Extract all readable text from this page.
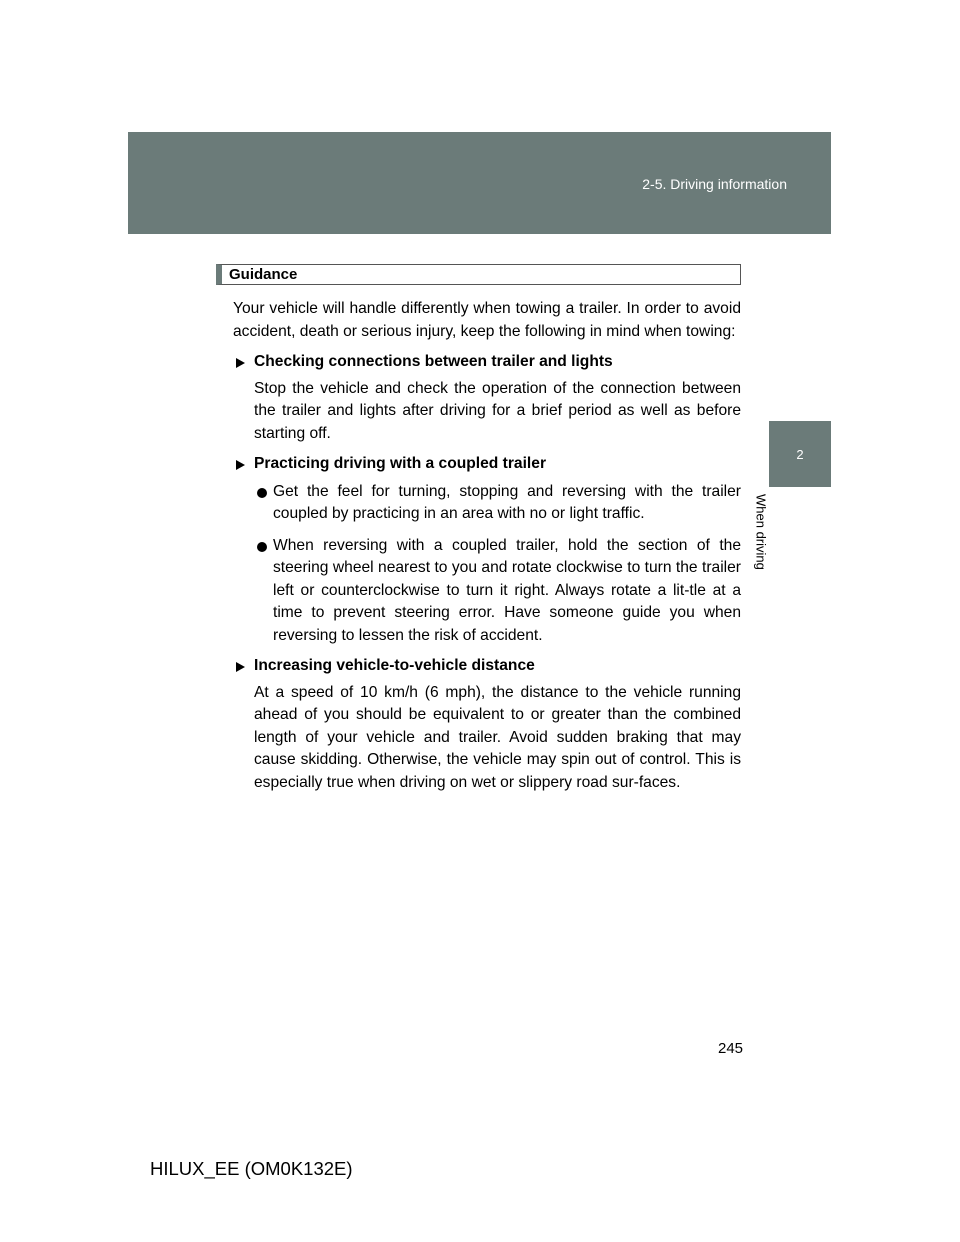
2-5. Driving information
2
When driving
Guidance

Your vehicle will handle differently when towing a trailer. In order to avoid accident, death or serious injury, keep the following in mind when towing:

Checking connections between trailer and lights
Stop the vehicle and check the operation of the connection between the trailer and lights after driving for a brief period as well as before starting off.
Practicing driving with a coupled trailer
Get the feel for turning, stopping and reversing with the trailer coupled by practicing in an area with no or light traffic.
When reversing with a coupled trailer, hold the section of the steering wheel nearest to you and rotate clockwise to turn the trailer left or counterclockwise to turn it right. Always rotate a lit-tle at a time to prevent steering error. Have someone guide you when reversing to lessen the risk of accident.
Increasing vehicle-to-vehicle distance
At a speed of 10 km/h (6 mph), the distance to the vehicle running ahead of you should be equivalent to or greater than the combined length of your vehicle and trailer. Avoid sudden braking that may cause skidding. Otherwise, the vehicle may spin out of control. This is especially true when driving on wet or slippery road sur-faces.
245
HILUX_EE (OM0K132E)
